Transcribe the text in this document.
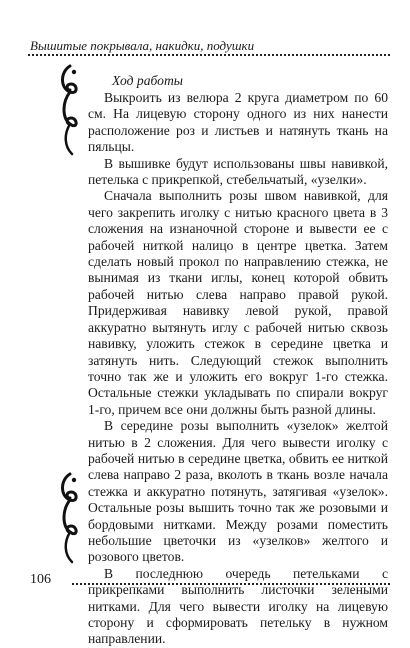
Вышитые покрывала, накидки, подушки
Ход работы

Выкроить из велюра 2 круга диаметром по 60 см. На лицевую сторону одного из них нанести расположение роз и листьев и натянуть ткань на пяльцы.

В вышивке будут использованы швы навивкой, петелька с прикрепкой, стебельчатый, «узелки».

Сначала выполнить розы швом навивкой, для чего закрепить иголку с нитью красного цвета в 3 сложения на изнаночной стороне и вывести ее с рабочей ниткой налицо в центре цветка. Затем сделать новый прокол по направлению стежка, не вынимая из ткани иглы, конец которой обвить рабочей нитью слева направо правой рукой. Придерживая навивку левой рукой, правой аккуратно вытянуть иглу с рабочей нитью сквозь навивку, уложить стежок в середине цветка и затянуть нить. Следующий стежок выполнить точно так же и уложить его вокруг 1-го стежка. Остальные стежки укладывать по спирали вокруг 1-го, причем все они должны быть разной длины.

В середине розы выполнить «узелок» желтой нитью в 2 сложения. Для чего вывести иголку с рабочей нитью в середине цветка, обвить ее ниткой слева направо 2 раза, вколоть в ткань возле начала стежка и аккуратно потянуть, затягивая «узелок». Остальные розы вышить точно так же розовыми и бордовыми нитками. Между розами поместить небольшие цветочки из «узелков» желтого и розового цветов.

В последнюю очередь петельками с прикрепками выполнить листочки зелеными нитками. Для чего вывести иголку на лицевую сторону и сформировать петельку в нужном направлении.

106
